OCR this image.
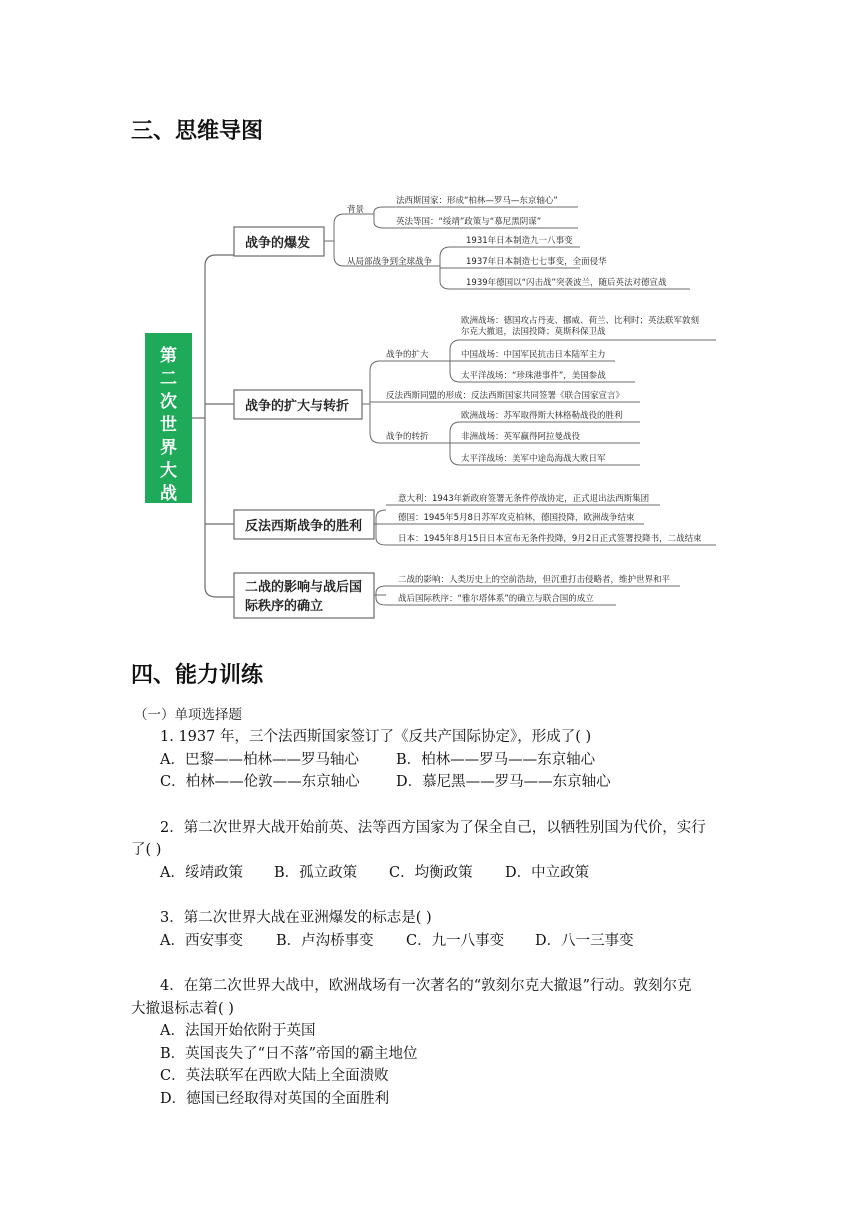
三、思维导图
第
二
次
世
界
大
战
战争的爆发
战争的扩大与转折
反法西斯战争的胜利
二战的影响与战后国
际秩序的确立
背景
从局部战争到全球战争
法西斯国家：形成“柏林—罗马—东京轴心”
英法等国：“绥靖”政策与“慕尼黑阴谋”
1931年日本制造九一八事变
1937年日本制造七七事变，全面侵华
1939年德国以“闪击战”突袭波兰，随后英法对德宣战
战争的扩大
反法西斯同盟的形成：反法西斯国家共同签署《联合国家宣言》
战争的转折
欧洲战场：德国攻占丹麦、挪威、荷兰、比利时；英法联军敦刻尔克大撤退，法国投降；莫斯科保卫战
中国战场：中国军民抗击日本陆军主力
太平洋战场：“珍珠港事件”，美国参战
欧洲战场：苏军取得斯大林格勒战役的胜利
非洲战场：英军赢得阿拉曼战役
太平洋战场：美军中途岛海战大败日军
意大利：1943年新政府签署无条件停战协定，正式退出法西斯集团
德国：1945年5月8日苏军攻克柏林，德国投降，欧洲战争结束
日本：1945年8月15日日本宣布无条件投降，9月2日正式签署投降书，二战结束
二战的影响：人类历史上的空前浩劫，但沉重打击侵略者，维护世界和平
战后国际秩序：“雅尔塔体系”的确立与联合国的成立
四、能力训练
（一）单项选择题
1. 1937 年，三个法西斯国家签订了《反共产国际协定》，形成了( )
A．巴黎——柏林——罗马轴心	B．柏林——罗马——东京轴心
C．柏林——伦敦——东京轴心	D．慕尼黑——罗马——东京轴心
2．第二次世界大战开始前英、法等西方国家为了保全自己，以牺牲别国为代价，实行
了( )
A．绥靖政策 B．孤立政策 C．均衡政策 D．中立政策
3．第二次世界大战在亚洲爆发的标志是( )
A．西安事变 B．卢沟桥事变 C．九一八事变 D．八一三事变
4．在第二次世界大战中，欧洲战场有一次著名的“敦刻尔克大撤退”行动。敦刻尔克
大撤退标志着( )
A．法国开始依附于英国
B．英国丧失了“日不落”帝国的霸主地位
C．英法联军在西欧大陆上全面溃败
D．德国已经取得对英国的全面胜利
